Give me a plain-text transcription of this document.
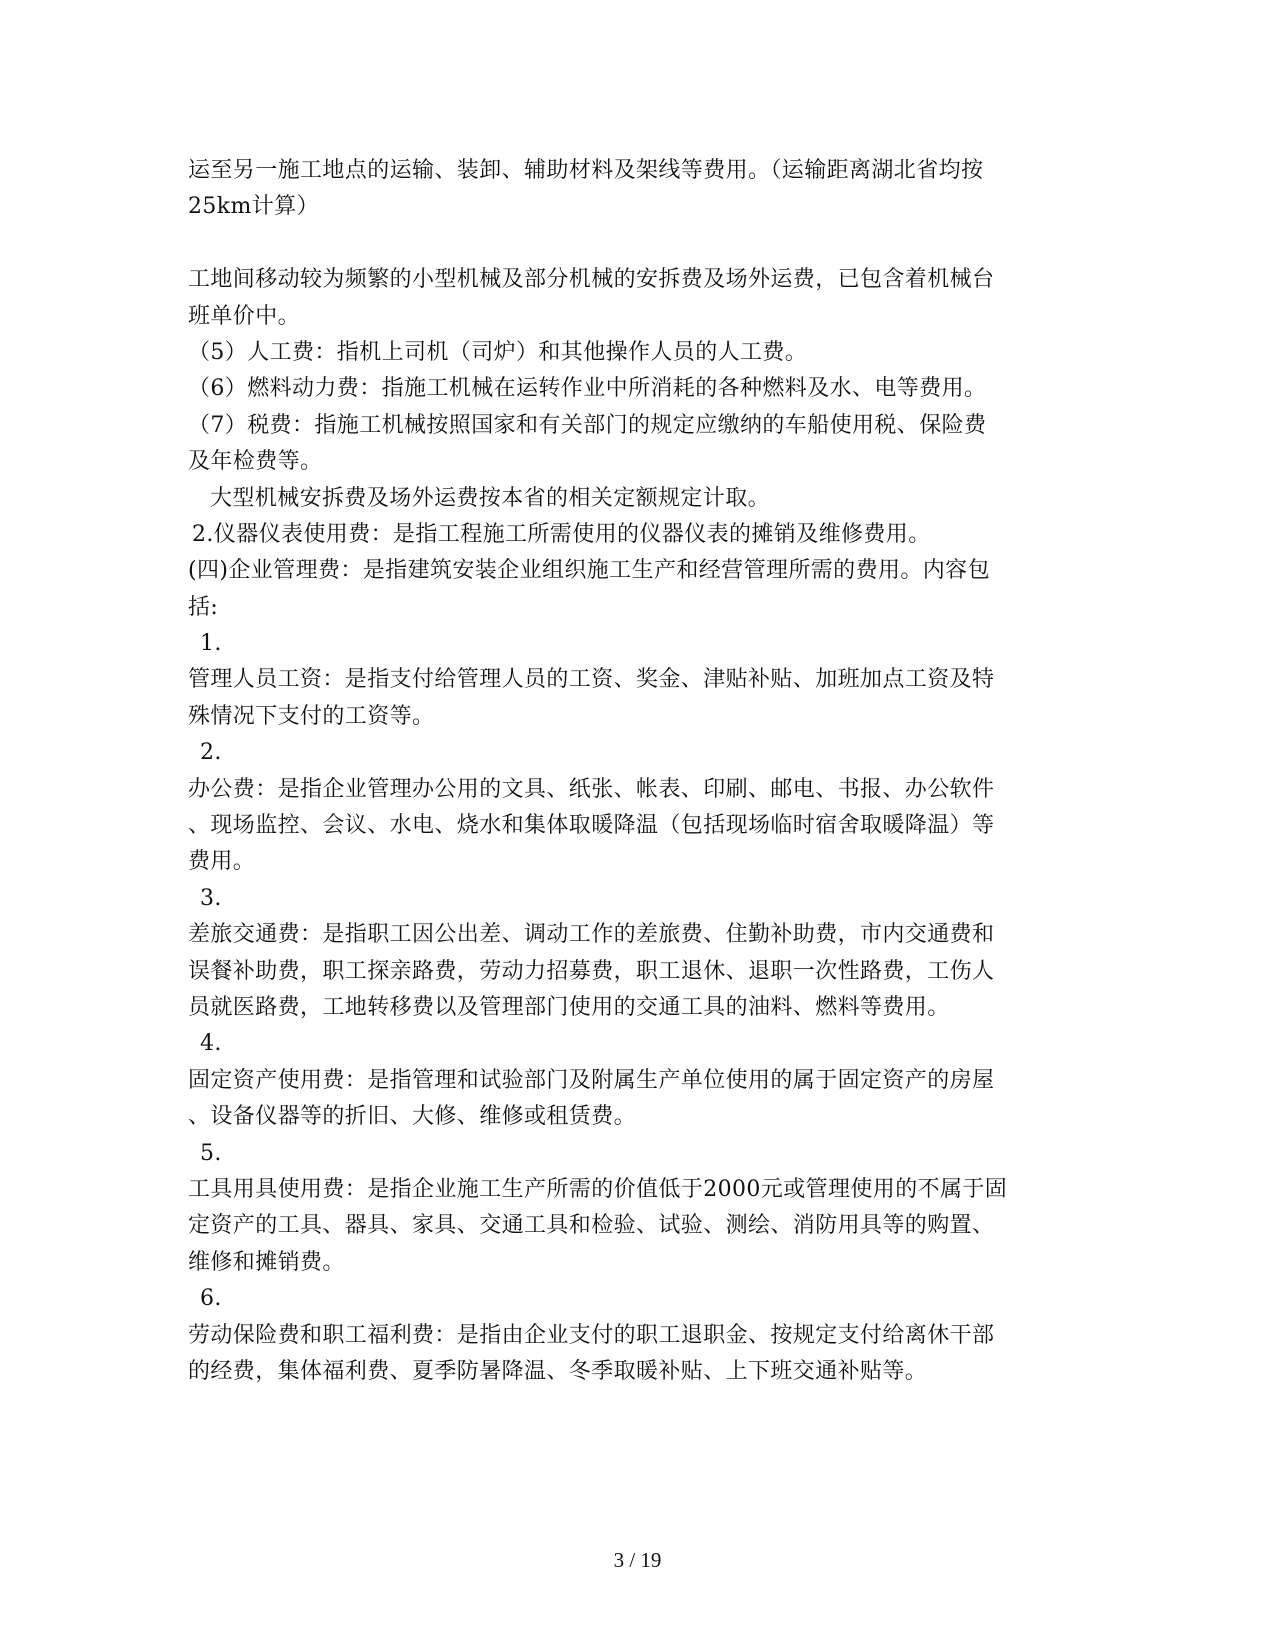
运至另一施工地点的运输、装卸、辅助材料及架线等费用。（运输距离湖北省均按
25km计算）
工地间移动较为频繁的小型机械及部分机械的安拆费及场外运费，已包含着机械台
班单价中。
（5）人工费：指机上司机（司炉）和其他操作人员的人工费。
（6）燃料动力费：指施工机械在运转作业中所消耗的各种燃料及水、电等费用。
（7）税费：指施工机械按照国家和有关部门的规定应缴纳的车船使用税、保险费
及年检费等。
大型机械安拆费及场外运费按本省的相关定额规定计取。
2.仪器仪表使用费：是指工程施工所需使用的仪器仪表的摊销及维修费用。
(四)企业管理费：是指建筑安装企业组织施工生产和经营管理所需的费用。内容包
括:
1.
管理人员工资：是指支付给管理人员的工资、奖金、津贴补贴、加班加点工资及特
殊情况下支付的工资等。
2.
办公费：是指企业管理办公用的文具、纸张、帐表、印刷、邮电、书报、办公软件
、现场监控、会议、水电、烧水和集体取暖降温（包括现场临时宿舍取暖降温）等
费用。
3.
差旅交通费：是指职工因公出差、调动工作的差旅费、住勤补助费，市内交通费和
误餐补助费，职工探亲路费，劳动力招募费，职工退休、退职一次性路费，工伤人
员就医路费，工地转移费以及管理部门使用的交通工具的油料、燃料等费用。
4.
固定资产使用费：是指管理和试验部门及附属生产单位使用的属于固定资产的房屋
、设备仪器等的折旧、大修、维修或租赁费。
5.
工具用具使用费：是指企业施工生产所需的价值低于2000元或管理使用的不属于固
定资产的工具、器具、家具、交通工具和检验、试验、测绘、消防用具等的购置、
维修和摊销费。
6.
劳动保险费和职工福利费：是指由企业支付的职工退职金、按规定支付给离休干部
的经费，集体福利费、夏季防暑降温、冬季取暖补贴、上下班交通补贴等。
3 / 19
